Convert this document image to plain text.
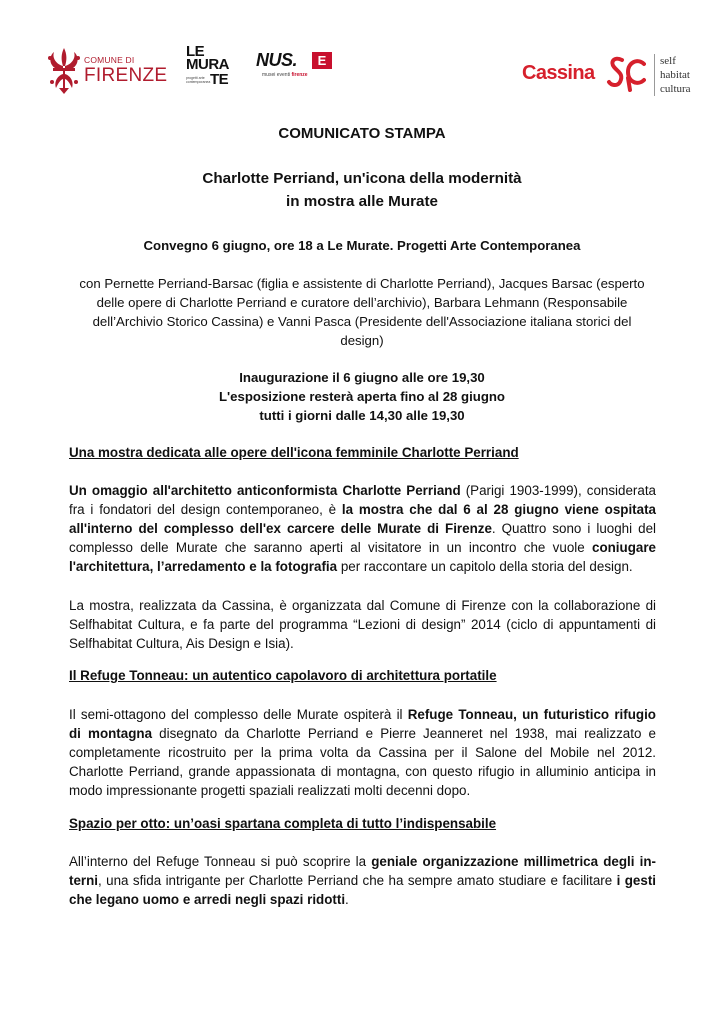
COMUNE DI
FIRENZE
LE
MURA
TE
progetti arte contemporanea
NUS.	E
musei eventi firenze	Cassina
self
habitat
cultura
COMUNICATO STAMPA
Charlotte Perriand, un'icona della modernità
in mostra alle Murate
Convegno 6 giugno, ore 18 a Le Murate. Progetti Arte Contemporanea
con Pernette Perriand-Barsac (figlia e assistente di Charlotte Perriand), Jacques Barsac (esperto
delle opere di Charlotte Perriand e curatore dell’archivio), Barbara Lehmann (Responsabile
dell’Archivio Storico Cassina) e Vanni Pasca (Presidente dell'Associazione italiana storici del
design)
Inaugurazione il 6 giugno alle ore 19,30
L'esposizione resterà aperta fino al 28 giugno
tutti i giorni dalle 14,30 alle 19,30
Una mostra dedicata alle opere dell'icona femminile Charlotte Perriand
Un omaggio all'architetto anticonformista Charlotte Perriand (Parigi 1903-1999), considerata
fra i fondatori del design contemporaneo, è la mostra che dal 6 al 28 giugno viene ospitata
all'interno del complesso dell'ex carcere delle Murate di Firenze. Quattro sono i luoghi del
complesso delle Murate che saranno aperti al visitatore in un incontro che vuole coniugare
l'architettura, l’arredamento e la fotografia per raccontare un capitolo della storia del design.
La mostra, realizzata da Cassina, è organizzata dal Comune di Firenze con la collaborazione di
Selfhabitat Cultura, e fa parte del programma “Lezioni di design” 2014 (ciclo di appuntamenti di
Selfhabitat Cultura, Ais Design e Isia).
Il Refuge Tonneau: un autentico capolavoro di architettura portatile
Il semi-ottagono del complesso delle Murate ospiterà il Refuge Tonneau, un futuristico rifugio
di montagna disegnato da Charlotte Perriand e Pierre Jeanneret nel 1938, mai realizzato e
completamente ricostruito per la prima volta da Cassina per il Salone del Mobile nel 2012.
Charlotte Perriand, grande appassionata di montagna, con questo rifugio in alluminio anticipa in
modo impressionante progetti spaziali realizzati molti decenni dopo.
Spazio per otto: un’oasi spartana completa di tutto l’indispensabile
All’interno del Refuge Tonneau si può scoprire la geniale organizzazione millimetrica degli in-
terni, una sfida intrigante per Charlotte Perriand che ha sempre amato studiare e facilitare i gesti
che legano uomo e arredi negli spazi ridotti.
